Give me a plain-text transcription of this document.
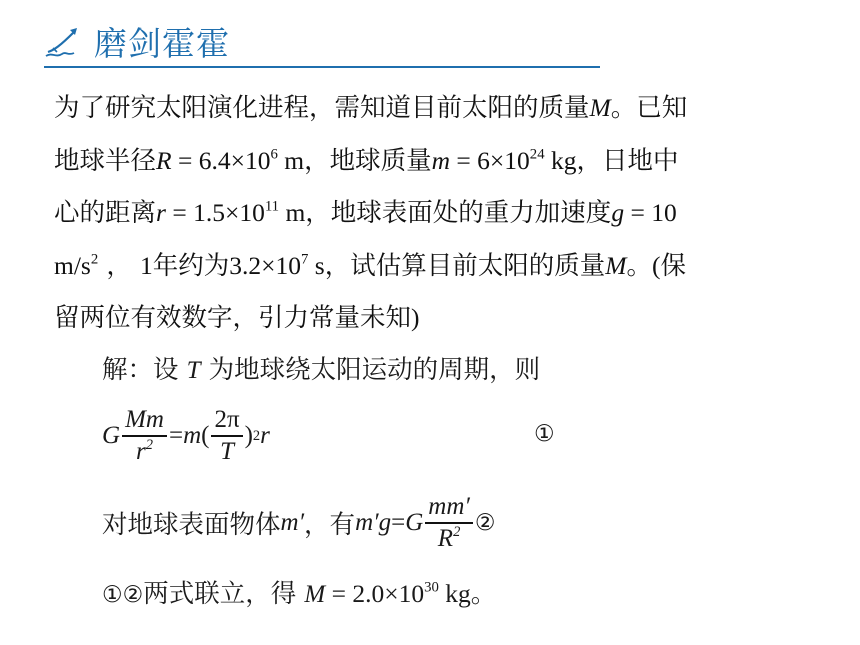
磨剑霍霍
为了研究太阳演化进程，需知道目前太阳的质量M。已知
地球半径$R = 6.4\times 10^6$ m，地球质量$m = 6\times 10^{24}$ kg，日地中
心的距离$r = 1.5\times 10^{11}$ m，地球表面处的重力加速度g = 10
$m/s^2$ ， 1年约为$3.2\times 10^7$ s，试估算目前太阳的质量M。(保
留两位有效数字，引力常量未知)
解：设 T 为地球绕太阳运动的周期，则
G $\frac{Mm}{r^2} = m$ ( $\frac{2\pi}{T}$ ) 2 r	①
对地球表面物体 m′ ，有 m′g = G $\frac{mm'}{R^2}$ ②
①②两式联立，得 $M = 2.0\times 10^{30}$ kg。
